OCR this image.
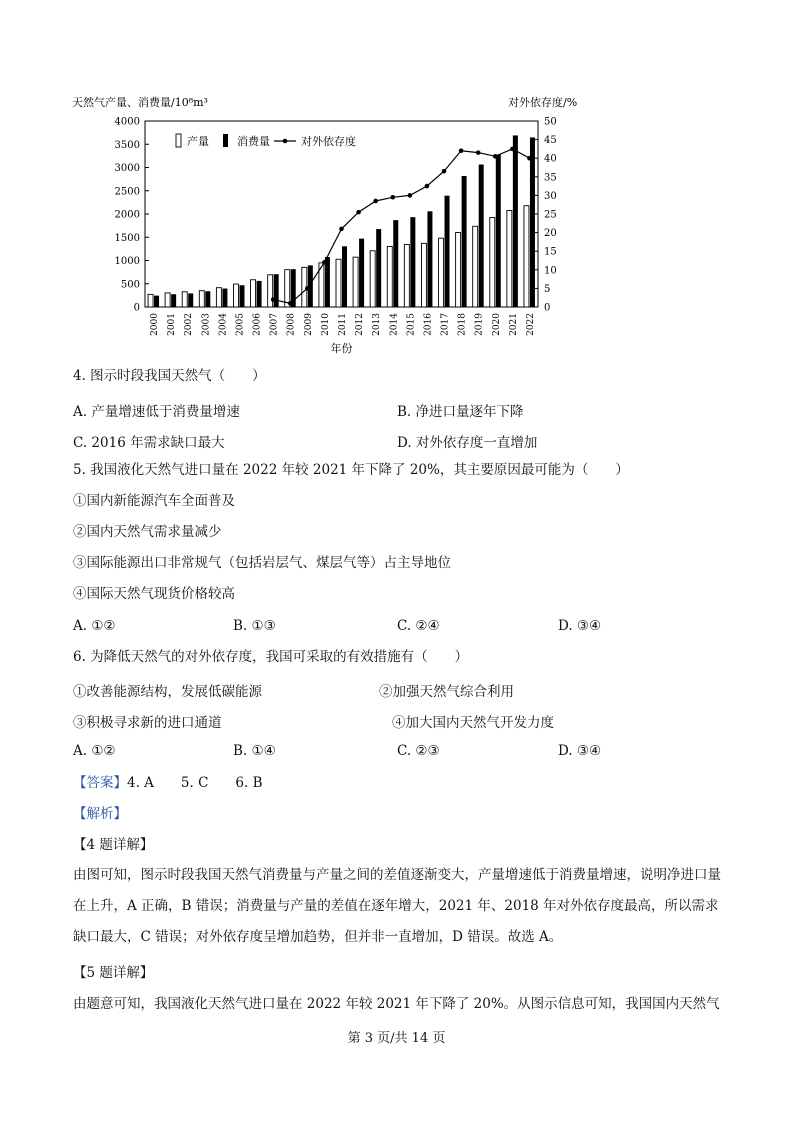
0
500
1000
1500
2000
2500
3000
3500
4000
0
5
10
15
20
25
30
35
40
45
50
天然气产量、消费量/10⁸m³	对外依存度/%
年份
2000 2001 2002 2003 2004 2005 2006 2007 2008 2009 2010 2011 2012 2013 2014 2015 2016 2017 2018 2019 2020 2021 2022
产量	消费量	对外依存度
4. 图示时段我国天然气（　　）
A. 产量增速低于消费量增速	B. 净进口量逐年下降
C. 2016 年需求缺口最大	D. 对外依存度一直增加
5. 我国液化天然气进口量在 2022 年较 2021 年下降了 20%，其主要原因最可能为（　　）
①国内新能源汽车全面普及
②国内天然气需求量减少
③国际能源出口非常规气（包括岩层气、煤层气等）占主导地位
④国际天然气现货价格较高
A. ①②	B. ①③	C. ②④	D. ③④
6. 为降低天然气的对外依存度，我国可采取的有效措施有（　　）
①改善能源结构，发展低碳能源	②加强天然气综合利用
③积极寻求新的进口通道	④加大国内天然气开发力度
A. ①②	B. ①④	C. ②③	D. ③④
【答案】4. A　　5. C　　6. B
【解析】
【4 题详解】
由图可知，图示时段我国天然气消费量与产量之间的差值逐渐变大，产量增速低于消费量增速，说明净进口量在上升，A 正确，B 错误；消费量与产量的差值在逐年增大，2021 年、2018 年对外依存度最高，所以需求缺口最大，C 错误；对外依存度呈增加趋势，但并非一直增加，D 错误。故选 A。
【5 题详解】
由题意可知，我国液化天然气进口量在 2022 年较 2021 年下降了 20%。从图示信息可知，我国国内天然气
第 3 页/共 14 页
